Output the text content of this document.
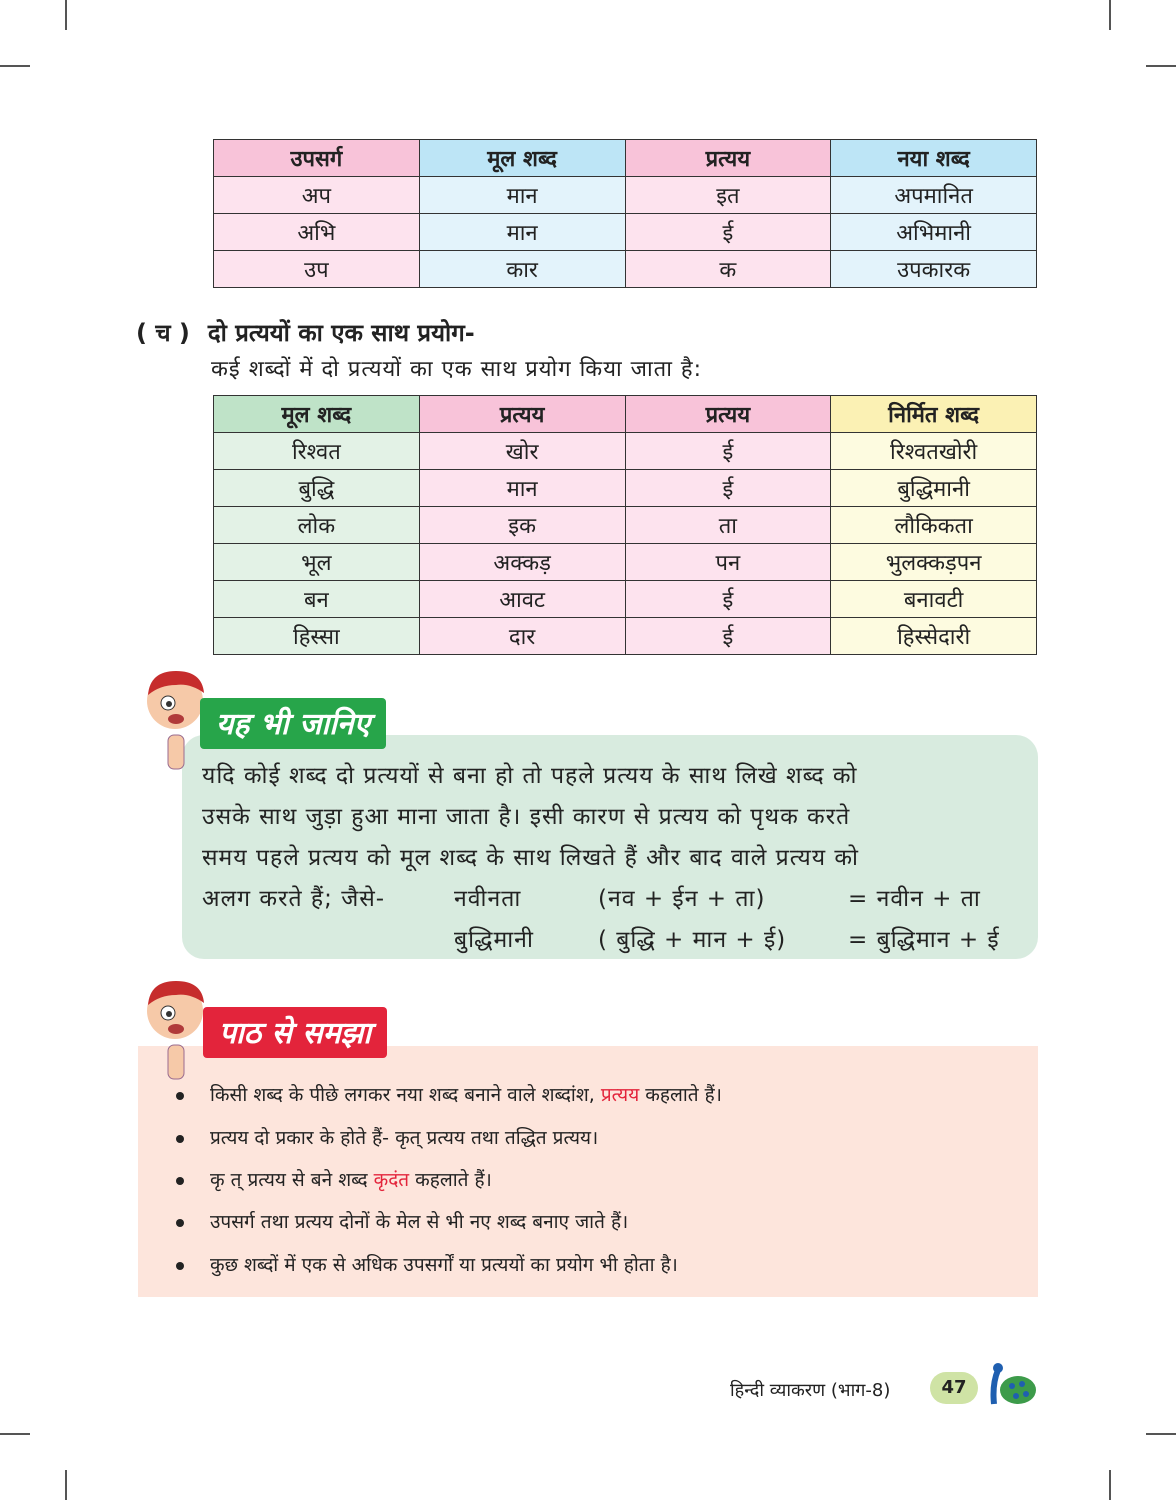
उपसर्ग	मूल शब्द	प्रत्यय	नया शब्द
अप	मान	इत	अपमानित
अभि	मान	ई	अभिमानी
उप	कार	क	उपकारक
( च ) दो प्रत्ययों का एक साथ प्रयोग-
कई शब्दों में दो प्रत्ययों का एक साथ प्रयोग किया जाता है:
मूल शब्द	प्रत्यय	प्रत्यय	निर्मित शब्द
रिश्वत	खोर	ई	रिश्वतखोरी
बुद्धि	मान	ई	बुद्धिमानी
लोक	इक	ता	लौकिकता
भूल	अक्कड़	पन	भुलक्कड़पन
बन	आवट	ई	बनावटी
हिस्सा	दार	ई	हिस्सेदारी
यह भी जानिए
यदि कोई शब्द दो प्रत्ययों से बना हो तो पहले प्रत्यय के साथ लिखे शब्द को
उसके साथ जुड़ा हुआ माना जाता है। इसी कारण से प्रत्यय को पृथक करते
समय पहले प्रत्यय को मूल शब्द के साथ लिखते हैं और बाद वाले प्रत्यय को
अलग करते हैं; जैसे-	नवीनता	(नव + ईन + ता)	= नवीन + ता
बुद्धिमानी	( बुद्धि + मान + ई)	= बुद्धिमान + ई
पाठ से समझा
किसी शब्द के पीछे लगकर नया शब्द बनाने वाले शब्दांश, प्रत्यय कहलाते हैं।
प्रत्यय दो प्रकार के होते हैं- कृत् प्रत्यय तथा तद्धित प्रत्यय।
कृ त् प्रत्यय से बने शब्द कृदंत कहलाते हैं।
उपसर्ग तथा प्रत्यय दोनों के मेल से भी नए शब्द बनाए जाते हैं।
कुछ शब्दों में एक से अधिक उपसर्गों या प्रत्ययों का प्रयोग भी होता है।
हिन्दी व्याकरण (भाग-8)	47
